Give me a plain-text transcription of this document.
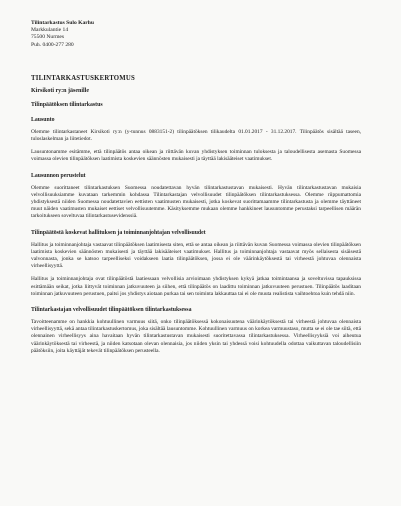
Tilintarkastus Sulo Karhu
Markkulantie 14
75500 Nurmes
Puh. 0400-277 280
TILINTARKASTUSKERTOMUS
Kirsikoti ry:n jäsenille
Tilinpäätöksen tilintarkastus
Lausunto
Olemme tilintarkastaneet Kirsikoti ry:n (y-tunnus 0883151-2) tilinpäätöksen tilikaudelta 01.01.2017 - 31.12.2017. Tilinpäätös sisältää taseen, tuloslaskelman ja liitetiedot.
Lausuntonamme esitämme, että tilinpäätös antaa oikean ja riittävän kuvan yhdistyksen toiminnan tuloksesta ja taloudellisesta asemasta Suomessa voimassa olevien tilinpäätöksen laatimista koskevien säännösten mukaisesti ja täyttää lakisääteiset vaatimukset.
Lausunnon perustelut
Olemme suorittaneet tilintarkastuksen Suomessa noudatettavan hyvän tilintarkastustavan mukaisesti. Hyvän tilintarkastustavan mukaisia velvollisuuksiamme kuvataan tarkemmin kohdassa Tilintarkastajan velvollisuudet tilinpäätöksen tilintarkastuksessa. Olemme riippumattomia yhdistyksestä niiden Suomessa noudatettavien eettisten vaatimusten mukaisesti, jotka koskevat suorittamaamme tilintarkastusta ja olemme täyttäneet muut näiden vaatimusten mukaiset eettiset velvollisuutemme. Käsityksemme mukaan olemme hankkineet lausuntomme perustaksi tarpeellisen määrän tarkoitukseen soveltuvaa tilintarkastusevidenssiä.
Tilinpäätöstä koskevat hallituksen ja toiminnanjohtajan velvollisuudet
Hallitus ja toiminnanjohtaja vastaavat tilinpäätöksen laatimisesta siten, että se antaa oikean ja riittävän kuvan Suomessa voimassa olevien tilinpäätöksen laatimista koskevien säännösten mukaisesti ja täyttää lakisääteiset vaatimukset. Hallitus ja toiminnanjohtaja vastaavat myös sellaisesta sisäisestä valvonnasta, jonka se katsoo tarpeelliseksi voidakseen laatia tilinpäätöksen, jossa ei ole väärinkäytöksestä tai virheestä johtuvaa olennaista virheellisyyttä.
Hallitus ja toiminnanjohtaja ovat tilinpäätöstä laatiessaan velvollisia arvioimaan yhdistyksen kykyä jatkaa toimintaansa ja soveltuvissa tapauksissa esittämään seikat, jotka liittyvät toiminnan jatkuvuuteen ja siihen, että tilinpäätös on laadittu toiminnan jatkuvuuteen perustuen. Tilinpäätös laaditaan toiminnan jatkuvuuteen perustuen, paitsi jos yhdistys aiotaan purkaa tai sen toiminta lakkauttaa tai ei ole muuta realistista vaihtoehtoa kuin tehdä niin.
Tilintarkastajan velvollisuudet tilinpäätöksen tilintarkastuksessa
Tavoitteenamme on hankkia kohtuullinen varmuus siitä, onko tilinpäätöksessä kokonaisuutena väärinkäytöksestä tai virheestä johtuvaa olennaista virheellisyyttä, sekä antaa tilintarkastuskertomus, joka sisältää lausuntomme. Kohtuullinen varmuus on korkea varmuustaso, mutta se ei ole tae siitä, että olennainen virheellisyys aina havaitaan hyvän tilintarkastustavan mukaisesti suoritettavassa tilintarkastuksessa. Virheellisyyksiä voi aiheutua väärinkäytöksestä tai virheestä, ja niiden katsotaan olevan olennaisia, jos niiden yksin tai yhdessä voisi kohtuudella odottaa vaikuttavan taloudellisiin päätöksiin, joita käyttäjät tekevät tilinpäätöksen perusteella.
